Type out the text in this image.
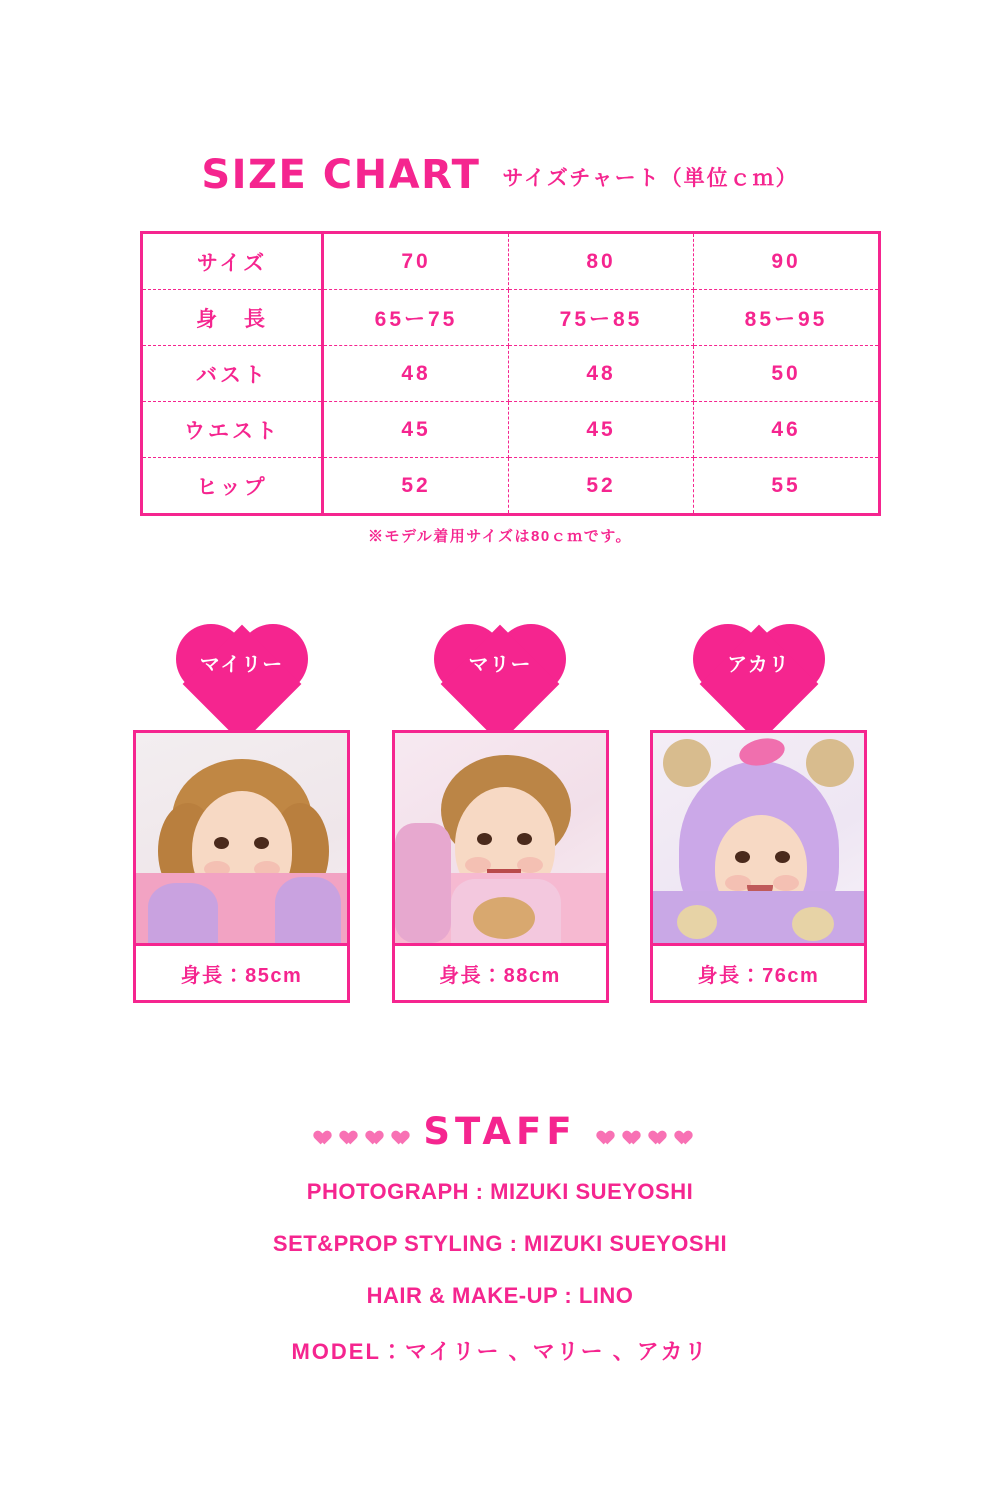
SIZE CHART サイズチャート（単位ｃｍ）
サイズ	70	80	90
身　長	65ー75	75ー85	85ー95
バスト	48	48	50
ウエスト	45	45	46
ヒップ	52	52	55
※モデル着用サイズは80ｃｍです。
マイリー
身長：85cm
マリー
身長：88cm
アカリ
身長：76cm
STAFF
PHOTOGRAPH : MIZUKI SUEYOSHI
SET&PROP STYLING : MIZUKI SUEYOSHI
HAIR & MAKE-UP : LINO
MODEL：マイリー 、マリー 、アカリ
